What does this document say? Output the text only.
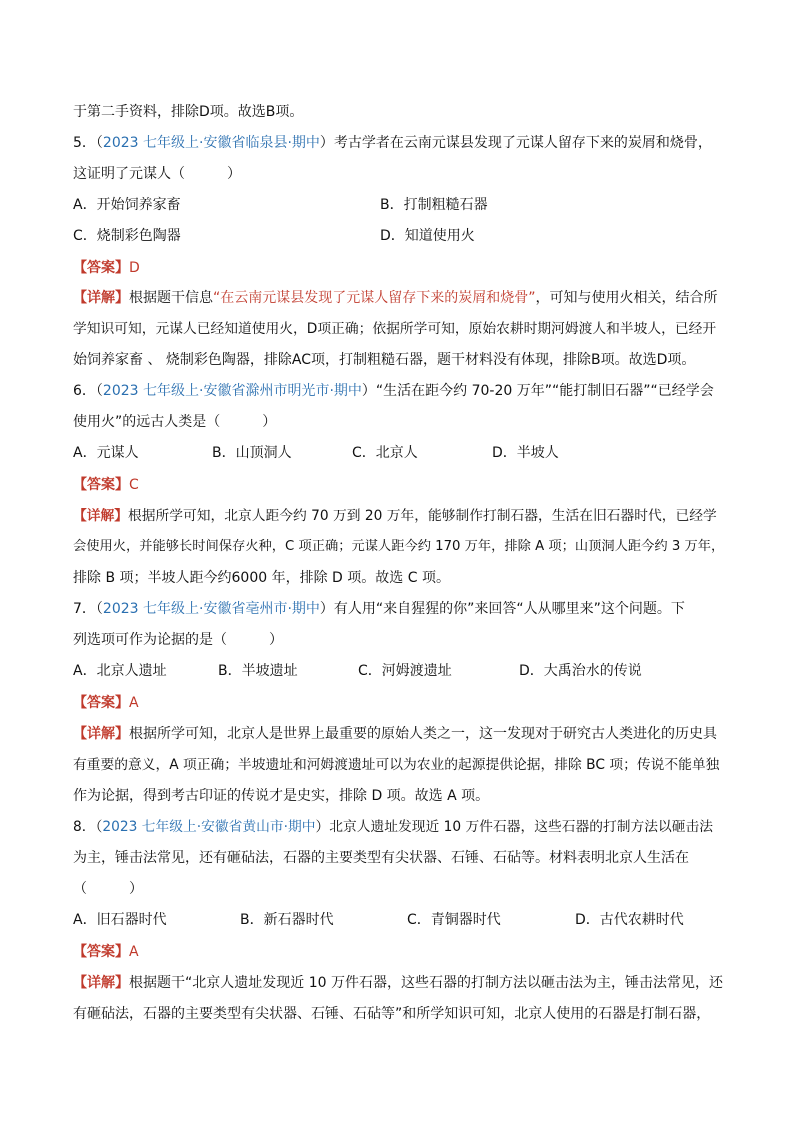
于第二手资料，排除D项。故选B项。
5．（2023 七年级上·安徽省临泉县·期中）考古学者在云南元谋县发现了元谋人留存下来的炭屑和烧骨，
这证明了元谋人（　　　）
A．开始饲养家畜	B．打制粗糙石器
C．烧制彩色陶器	D．知道使用火
【答案】D
【详解】根据题干信息“在云南元谋县发现了元谋人留存下来的炭屑和烧骨”，可知与使用火相关，结合所
学知识可知，元谋人已经知道使用火，D项正确；依据所学可知，原始农耕时期河姆渡人和半坡人，已经开
始饲养家畜 、 烧制彩色陶器，排除AC项，打制粗糙石器，题干材料没有体现，排除B项。故选D项。
6．（2023 七年级上·安徽省滁州市明光市·期中）“生活在距今约 70-20 万年”“能打制旧石器”“已经学会
使用火”的远古人类是（　　　）
A．元谋人	B．山顶洞人	C．北京人	D．半坡人
【答案】C
【详解】根据所学可知，北京人距今约 70 万到 20 万年，能够制作打制石器，生活在旧石器时代，已经学
会使用火，并能够长时间保存火种，C 项正确；元谋人距今约 170 万年，排除 A 项；山顶洞人距今约 3 万年，
排除 B 项；半坡人距今约6000 年，排除 D 项。故选 C 项。
7．（2023 七年级上·安徽省亳州市·期中）有人用“来自猩猩的你”来回答“人从哪里来”这个问题。下
列选项可作为论据的是（　　　）
A．北京人遗址	B．半坡遗址	C．河姆渡遗址	D．大禹治水的传说
【答案】A
【详解】根据所学可知，北京人是世界上最重要的原始人类之一，这一发现对于研究古人类进化的历史具
有重要的意义，A 项正确；半坡遗址和河姆渡遗址可以为农业的起源提供论据，排除 BC 项；传说不能单独
作为论据，得到考古印证的传说才是史实，排除 D 项。故选 A 项。
8．（2023 七年级上·安徽省黄山市·期中）北京人遗址发现近 10 万件石器，这些石器的打制方法以砸击法
为主，锤击法常见，还有砸砧法，石器的主要类型有尖状器、石锤、石砧等。材料表明北京人生活在
（　　　）
A．旧石器时代	B．新石器时代	C．青铜器时代	D．古代农耕时代
【答案】A
【详解】根据题干“北京人遗址发现近 10 万件石器，这些石器的打制方法以砸击法为主，锤击法常见，还
有砸砧法，石器的主要类型有尖状器、石锤、石砧等”和所学知识可知，北京人使用的石器是打制石器，
